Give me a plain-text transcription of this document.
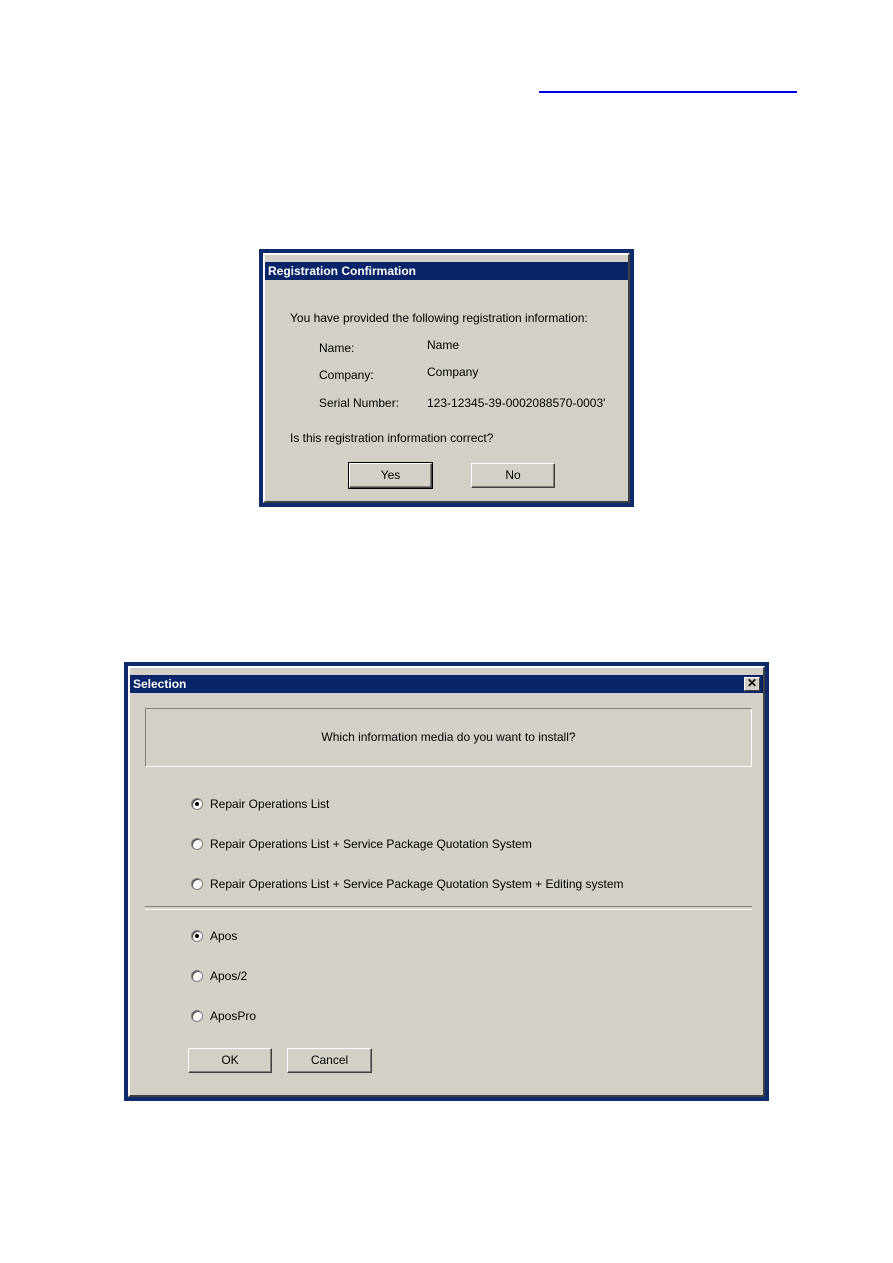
Registration Confirmation
You have provided the following registration information:
Name:	Name
Company:	Company
Serial Number: 123-12345-39-0002088570-0003'
Is this registration information correct?
Yes	No
Selection	✕
Which information media do you want to install?
Repair Operations List
Repair Operations List + Service Package Quotation System
Repair Operations List + Service Package Quotation System + Editing system
Apos
Apos/2
AposPro
OK	Cancel
